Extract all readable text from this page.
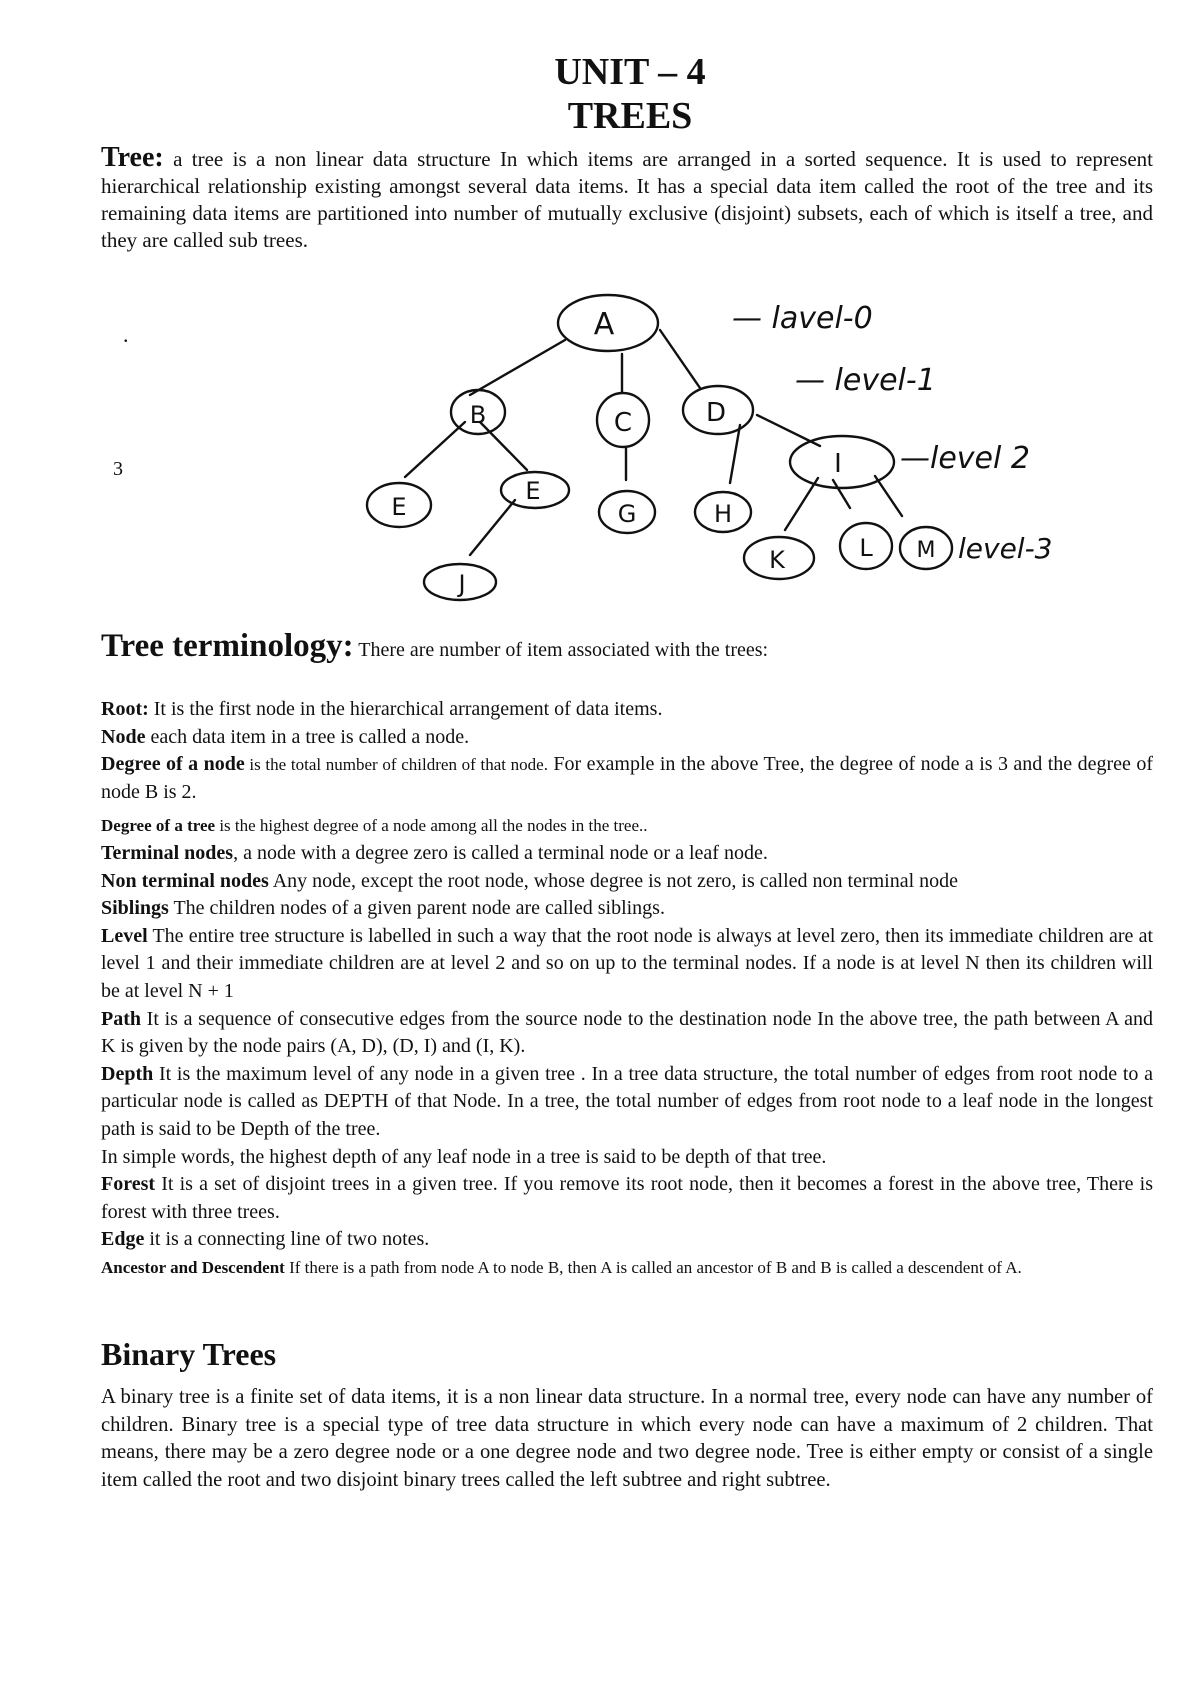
UNIT – 4
TREES
Tree: a tree is a non linear data structure In which items are arranged in a sorted sequence. It is used to represent hierarchical relationship existing amongst several data items. It has a special data item called the root of the tree and its remaining data items are partitioned into number of mutually exclusive (disjoint) subsets, each of which is itself a tree, and they are called sub trees.
.
3
A
B	C	D
E
E
G	H
I
J
K	L M
— lavel-0
— level-1
—level 2
level-3
Tree terminology: There are number of item associated with the trees:

Root: It is the first node in the hierarchical arrangement of data items.

Node each data item in a tree is called a node.

Degree of a node is the total number of children of that node. For example in the above Tree, the degree of node a is 3 and the degree of node B is 2.

Degree of a tree is the highest degree of a node among all the nodes in the tree..

Terminal nodes, a node with a degree zero is called a terminal node or a leaf node.

Non terminal nodes Any node, except the root node, whose degree is not zero, is called non terminal node

Siblings The children nodes of a given parent node are called siblings.

Level The entire tree structure is labelled in such a way that the root node is always at level zero, then its immediate children are at level 1 and their immediate children are at level 2 and so on up to the terminal nodes. If a node is at level N then its children will be at level N + 1

Path It is a sequence of consecutive edges from the source node to the destination node In the above tree, the path between A and K is given by the node pairs (A, D), (D, I) and (I, K).

Depth It is the maximum level of any node in a given tree . In a tree data structure, the total number of edges from root node to a particular node is called as DEPTH of that Node. In a tree, the total number of edges from root node to a leaf node in the longest path is said to be Depth of the tree.

In simple words, the highest depth of any leaf node in a tree is said to be depth of that tree.

Forest It is a set of disjoint trees in a given tree. If you remove its root node, then it becomes a forest in the above tree, There is forest with three trees.

Edge it is a connecting line of two notes.

Ancestor and Descendent If there is a path from node A to node B, then A is called an ancestor of B and B is called a descendent of A.

Binary Trees
A binary tree is a finite set of data items, it is a non linear data structure. In a normal tree, every node can have any number of children. Binary tree is a special type of tree data structure in which every node can have a maximum of 2 children. That means, there may be a zero degree node or a one degree node and two degree node. Tree is either empty or consist of a single item called the root and two disjoint binary trees called the left subtree and right subtree.
